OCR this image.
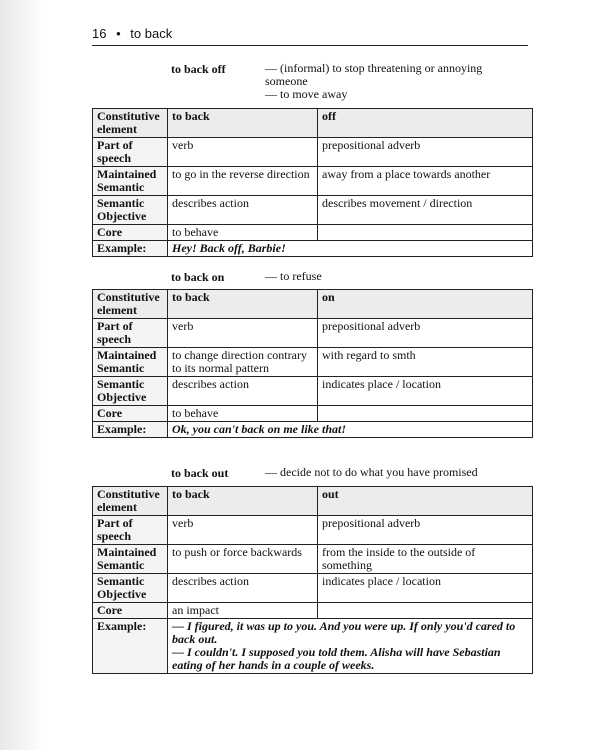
16 • to back
to back off	— (informal) to stop threatening or annoying
someone
— to move away
Constitutive element	to back	off
Part of speech	verb	prepositional adverb
Maintained Semantic	to go in the reverse direction	away from a place towards another
Semantic Objective	describes action	describes movement / direction
Core	to behave	
Example:	Hey! Back off, Barbie!	
to back on	— to refuse
Constitutive element	to back	on
Part of speech	verb	prepositional adverb
Maintained Semantic	to change direction contrary to its normal pattern	with regard to smth
Semantic Objective	describes action	indicates place / location
Core	to behave	
Example:	Ok, you can't back on me like that!	
to back out	— decide not to do what you have promised
Constitutive element	to back	out
Part of speech	verb	prepositional adverb
Maintained Semantic	to push or force backwards	from the inside to the outside of something
Semantic Objective	describes action	indicates place / location
Core	an impact	
Example:	— I figured, it was up to you. And you were up. If only you'd cared to back out.
— I couldn't. I supposed you told them. Alisha will have Sebastian eating of her hands in a couple of weeks.	
